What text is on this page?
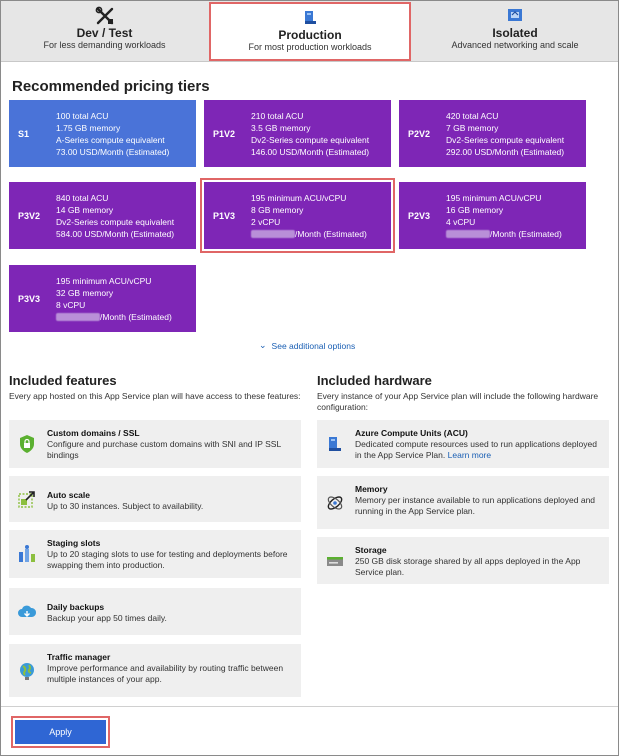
Dev / Test
For less demanding workloads
Production
For most production workloads
Isolated
Advanced networking and scale
Recommended pricing tiers
S1
100 total ACU
1.75 GB memory
A-Series compute equivalent
73.00 USD/Month (Estimated)
P1V2
210 total ACU
3.5 GB memory
Dv2-Series compute equivalent
146.00 USD/Month (Estimated)
P2V2
420 total ACU
7 GB memory
Dv2-Series compute equivalent
292.00 USD/Month (Estimated)
P3V2
840 total ACU
14 GB memory
Dv2-Series compute equivalent
584.00 USD/Month (Estimated)
P1V3
195 minimum ACU/vCPU
8 GB memory
2 vCPU
/Month (Estimated)
P2V3
195 minimum ACU/vCPU
16 GB memory
4 vCPU
/Month (Estimated)
P3V3
195 minimum ACU/vCPU
32 GB memory
8 vCPU
/Month (Estimated)
⌄ See additional options
Included features
Every app hosted on this App Service plan will have access to these features:
Custom domains / SSL
Configure and purchase custom domains with SNI and IP SSL bindings
Auto scale
Up to 30 instances. Subject to availability.
Staging slots
Up to 20 staging slots to use for testing and deployments before swapping them into production.
Daily backups
Backup your app 50 times daily.
Traffic manager
Improve performance and availability by routing traffic between multiple instances of your app.
Included hardware
Every instance of your App Service plan will include the following hardware configuration:
Azure Compute Units (ACU)
Dedicated compute resources used to run applications deployed in the App Service Plan. Learn more
Memory
Memory per instance available to run applications deployed and running in the App Service plan.
Storage
250 GB disk storage shared by all apps deployed in the App Service plan.
Apply
